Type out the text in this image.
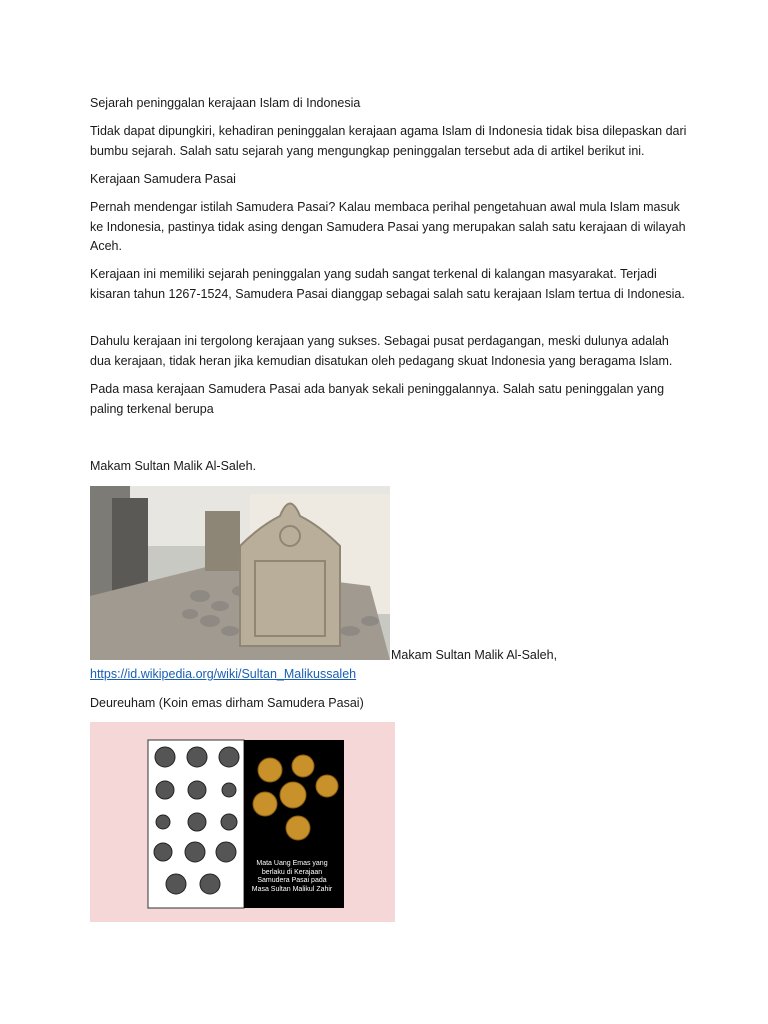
Sejarah peninggalan kerajaan Islam di Indonesia

Tidak dapat dipungkiri, kehadiran peninggalan kerajaan agama Islam di Indonesia tidak bisa dilepaskan dari bumbu sejarah. Salah satu sejarah yang mengungkap peninggalan tersebut ada di artikel berikut ini.

Kerajaan Samudera Pasai

Pernah mendengar istilah Samudera Pasai? Kalau membaca perihal pengetahuan awal mula Islam masuk ke Indonesia, pastinya tidak asing dengan Samudera Pasai yang merupakan salah satu kerajaan di wilayah Aceh.

Kerajaan ini memiliki sejarah peninggalan yang sudah sangat terkenal di kalangan masyarakat. Terjadi kisaran tahun 1267-1524, Samudera Pasai dianggap sebagai salah satu kerajaan Islam tertua di Indonesia.

Dahulu kerajaan ini tergolong kerajaan yang sukses. Sebagai pusat perdagangan, meski dulunya adalah dua kerajaan, tidak heran jika kemudian disatukan oleh pedagang skuat Indonesia yang beragama Islam.

Pada masa kerajaan Samudera Pasai ada banyak sekali peninggalannya. Salah satu peninggalan yang paling terkenal berupa

Makam Sultan Malik Al-Saleh.

Makam Sultan Malik Al-Saleh,
https://id.wikipedia.org/wiki/Sultan_Malikussaleh

Deureuham (Koin emas dirham Samudera Pasai)

Mata Uang Emas yang berlaku di Kerajaan Samudera Pasai pada Masa Sultan Malikul Zahir
